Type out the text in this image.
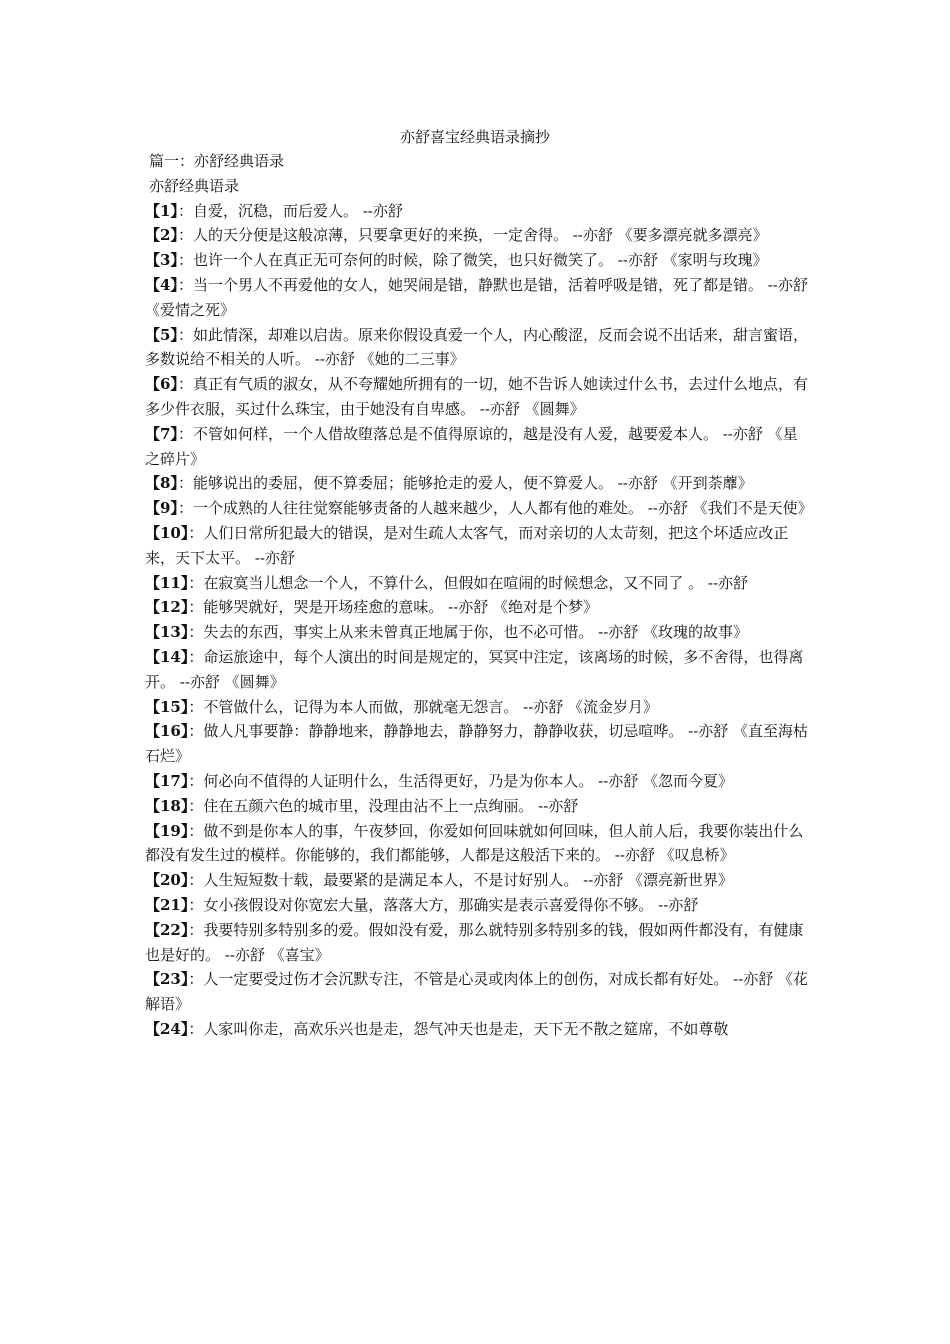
亦舒喜宝经典语录摘抄

篇一：亦舒经典语录

亦舒经典语录

【1】：自爱，沉稳，而后爱人。 --亦舒

【2】：人的天分便是这般凉薄，只要拿更好的来换，一定舍得。 --亦舒 《要多漂亮就多漂亮》

【3】：也许一个人在真正无可奈何的时候，除了微笑，也只好微笑了。 --亦舒 《家明与玫瑰》

【4】：当一个男人不再爱他的女人，她哭闹是错，静默也是错，活着呼吸是错，死了都是错。 --亦舒 《爱情之死》

【5】：如此情深，却难以启齿。原来你假设真爱一个人，内心酸涩，反而会说不出话来，甜言蜜语，多数说给不相关的人听。 --亦舒 《她的二三事》

【6】：真正有气质的淑女，从不夸耀她所拥有的一切，她不告诉人她读过什么书，去过什么地点，有多少件衣服，买过什么珠宝，由于她没有自卑感。 --亦舒 《圆舞》

【7】：不管如何样，一个人借故堕落总是不值得原谅的，越是没有人爱，越要爱本人。 --亦舒 《星之碎片》

【8】：能够说出的委屈，便不算委屈；能够抢走的爱人，便不算爱人。 --亦舒 《开到荼蘼》

【9】：一个成熟的人往往觉察能够责备的人越来越少，人人都有他的难处。 --亦舒 《我们不是天使》

【10】：人们日常所犯最大的错误，是对生疏人太客气，而对亲切的人太苛刻，把这个坏适应改正来，天下太平。 --亦舒

【11】：在寂寞当儿想念一个人，不算什么，但假如在喧闹的时候想念，又不同了 。 --亦舒

【12】：能够哭就好，哭是开场痊愈的意味。 --亦舒 《绝对是个梦》

【13】：失去的东西，事实上从来未曾真正地属于你，也不必可惜。 --亦舒 《玫瑰的故事》

【14】：命运旅途中，每个人演出的时间是规定的，冥冥中注定，该离场的时候，多不舍得，也得离开。 --亦舒 《圆舞》

【15】：不管做什么，记得为本人而做，那就毫无怨言。 --亦舒 《流金岁月》

【16】：做人凡事要静：静静地来，静静地去，静静努力，静静收获，切忌喧哗。 --亦舒 《直至海枯石烂》

【17】：何必向不值得的人证明什么，生活得更好，乃是为你本人。 --亦舒 《忽而今夏》

【18】：住在五颜六色的城市里，没理由沾不上一点绚丽。 --亦舒

【19】：做不到是你本人的事，午夜梦回，你爱如何回味就如何回味，但人前人后，我要你装出什么都没有发生过的模样。你能够的，我们都能够，人都是这般活下来的。 --亦舒 《叹息桥》

【20】：人生短短数十载，最要紧的是满足本人，不是讨好别人。 --亦舒 《漂亮新世界》

【21】：女小孩假设对你宽宏大量，落落大方，那确实是表示喜爱得你不够。 --亦舒

【22】：我要特别多特别多的爱。假如没有爱，那么就特别多特别多的钱，假如两件都没有，有健康也是好的。 --亦舒 《喜宝》

【23】：人一定要受过伤才会沉默专注，不管是心灵或肉体上的创伤，对成长都有好处。 --亦舒 《花解语》

【24】：人家叫你走，高欢乐兴也是走，怨气冲天也是走，天下无不散之筵席，不如尊敬
